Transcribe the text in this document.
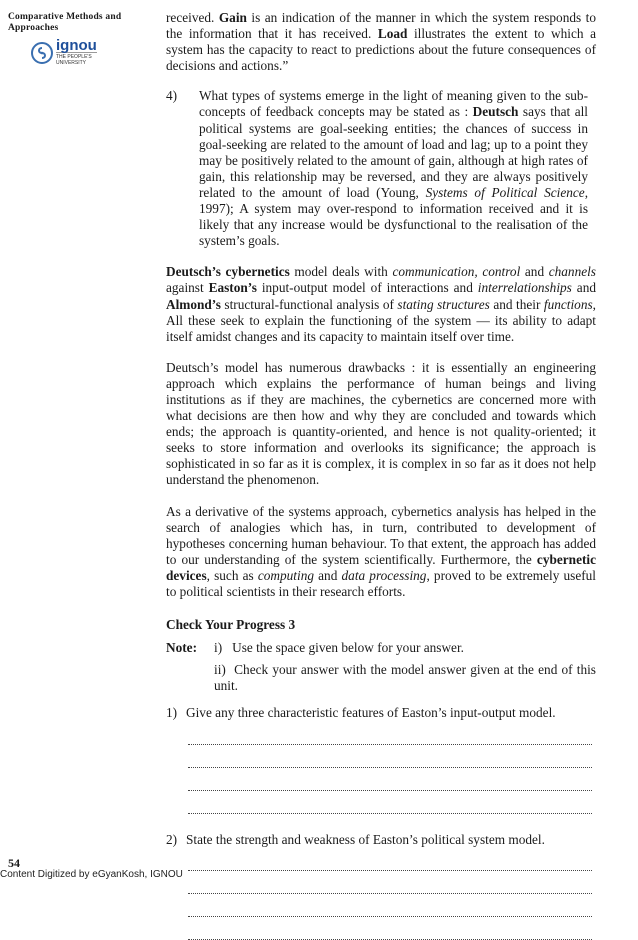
Comparative Methods and Approaches
ignou
THE PEOPLE'S
UNIVERSITY

received. Gain is an indication of the manner in which the system responds to the information that it has received. Load illustrates the extent to which a system has the capacity to react to predictions about the future consequences of decisions and actions.”

4)	What types of systems emerge in the light of meaning given to the sub-concepts of feedback concepts may be stated as : Deutsch says that all political systems are goal-seeking entities; the chances of success in goal-seeking are related to the amount of load and lag; up to a point they may be positively related to the amount of gain, although at high rates of gain, this relationship may be reversed, and they are always positively related to the amount of load (Young, Systems of Political Science, 1997); A system may over-respond to information received and it is likely that any increase would be dysfunctional to the realisation of the system’s goals.

Deutsch’s cybernetics model deals with communication, control and channels against Easton’s input-output model of interactions and interrelationships and Almond’s structural-functional analysis of stating structures and their functions, All these seek to explain the functioning of the system — its ability to adapt itself amidst changes and its capacity to maintain itself over time.

Deutsch’s model has numerous drawbacks : it is essentially an engineering approach which explains the performance of human beings and living institutions as if they are machines, the cybernetics are concerned more with what decisions are then how and why they are concluded and towards which ends; the approach is quantity-oriented, and hence is not quality-oriented; it seeks to store information and overlooks its significance; the approach is sophisticated in so far as it is complex, it is complex in so far as it does not help understand the phenomenon.

As a derivative of the systems approach, cybernetics analysis has helped in the search of analogies which has, in turn, contributed to development of hypotheses concerning human behaviour. To that extent, the approach has added to our understanding of the system scientifically. Furthermore, the cybernetic devices, such as computing and data processing, proved to be extremely useful to political scientists in their research efforts.

Check Your Progress 3

Note:	i)   Use the space given below for your answer.
ii)  Check your answer with the model answer given at the end of this unit.
1) Give any three characteristic features of Easton’s input-output model.
2) State the strength and weakness of Easton’s political system model.
54
Content Digitized by eGyanKosh, IGNOU
